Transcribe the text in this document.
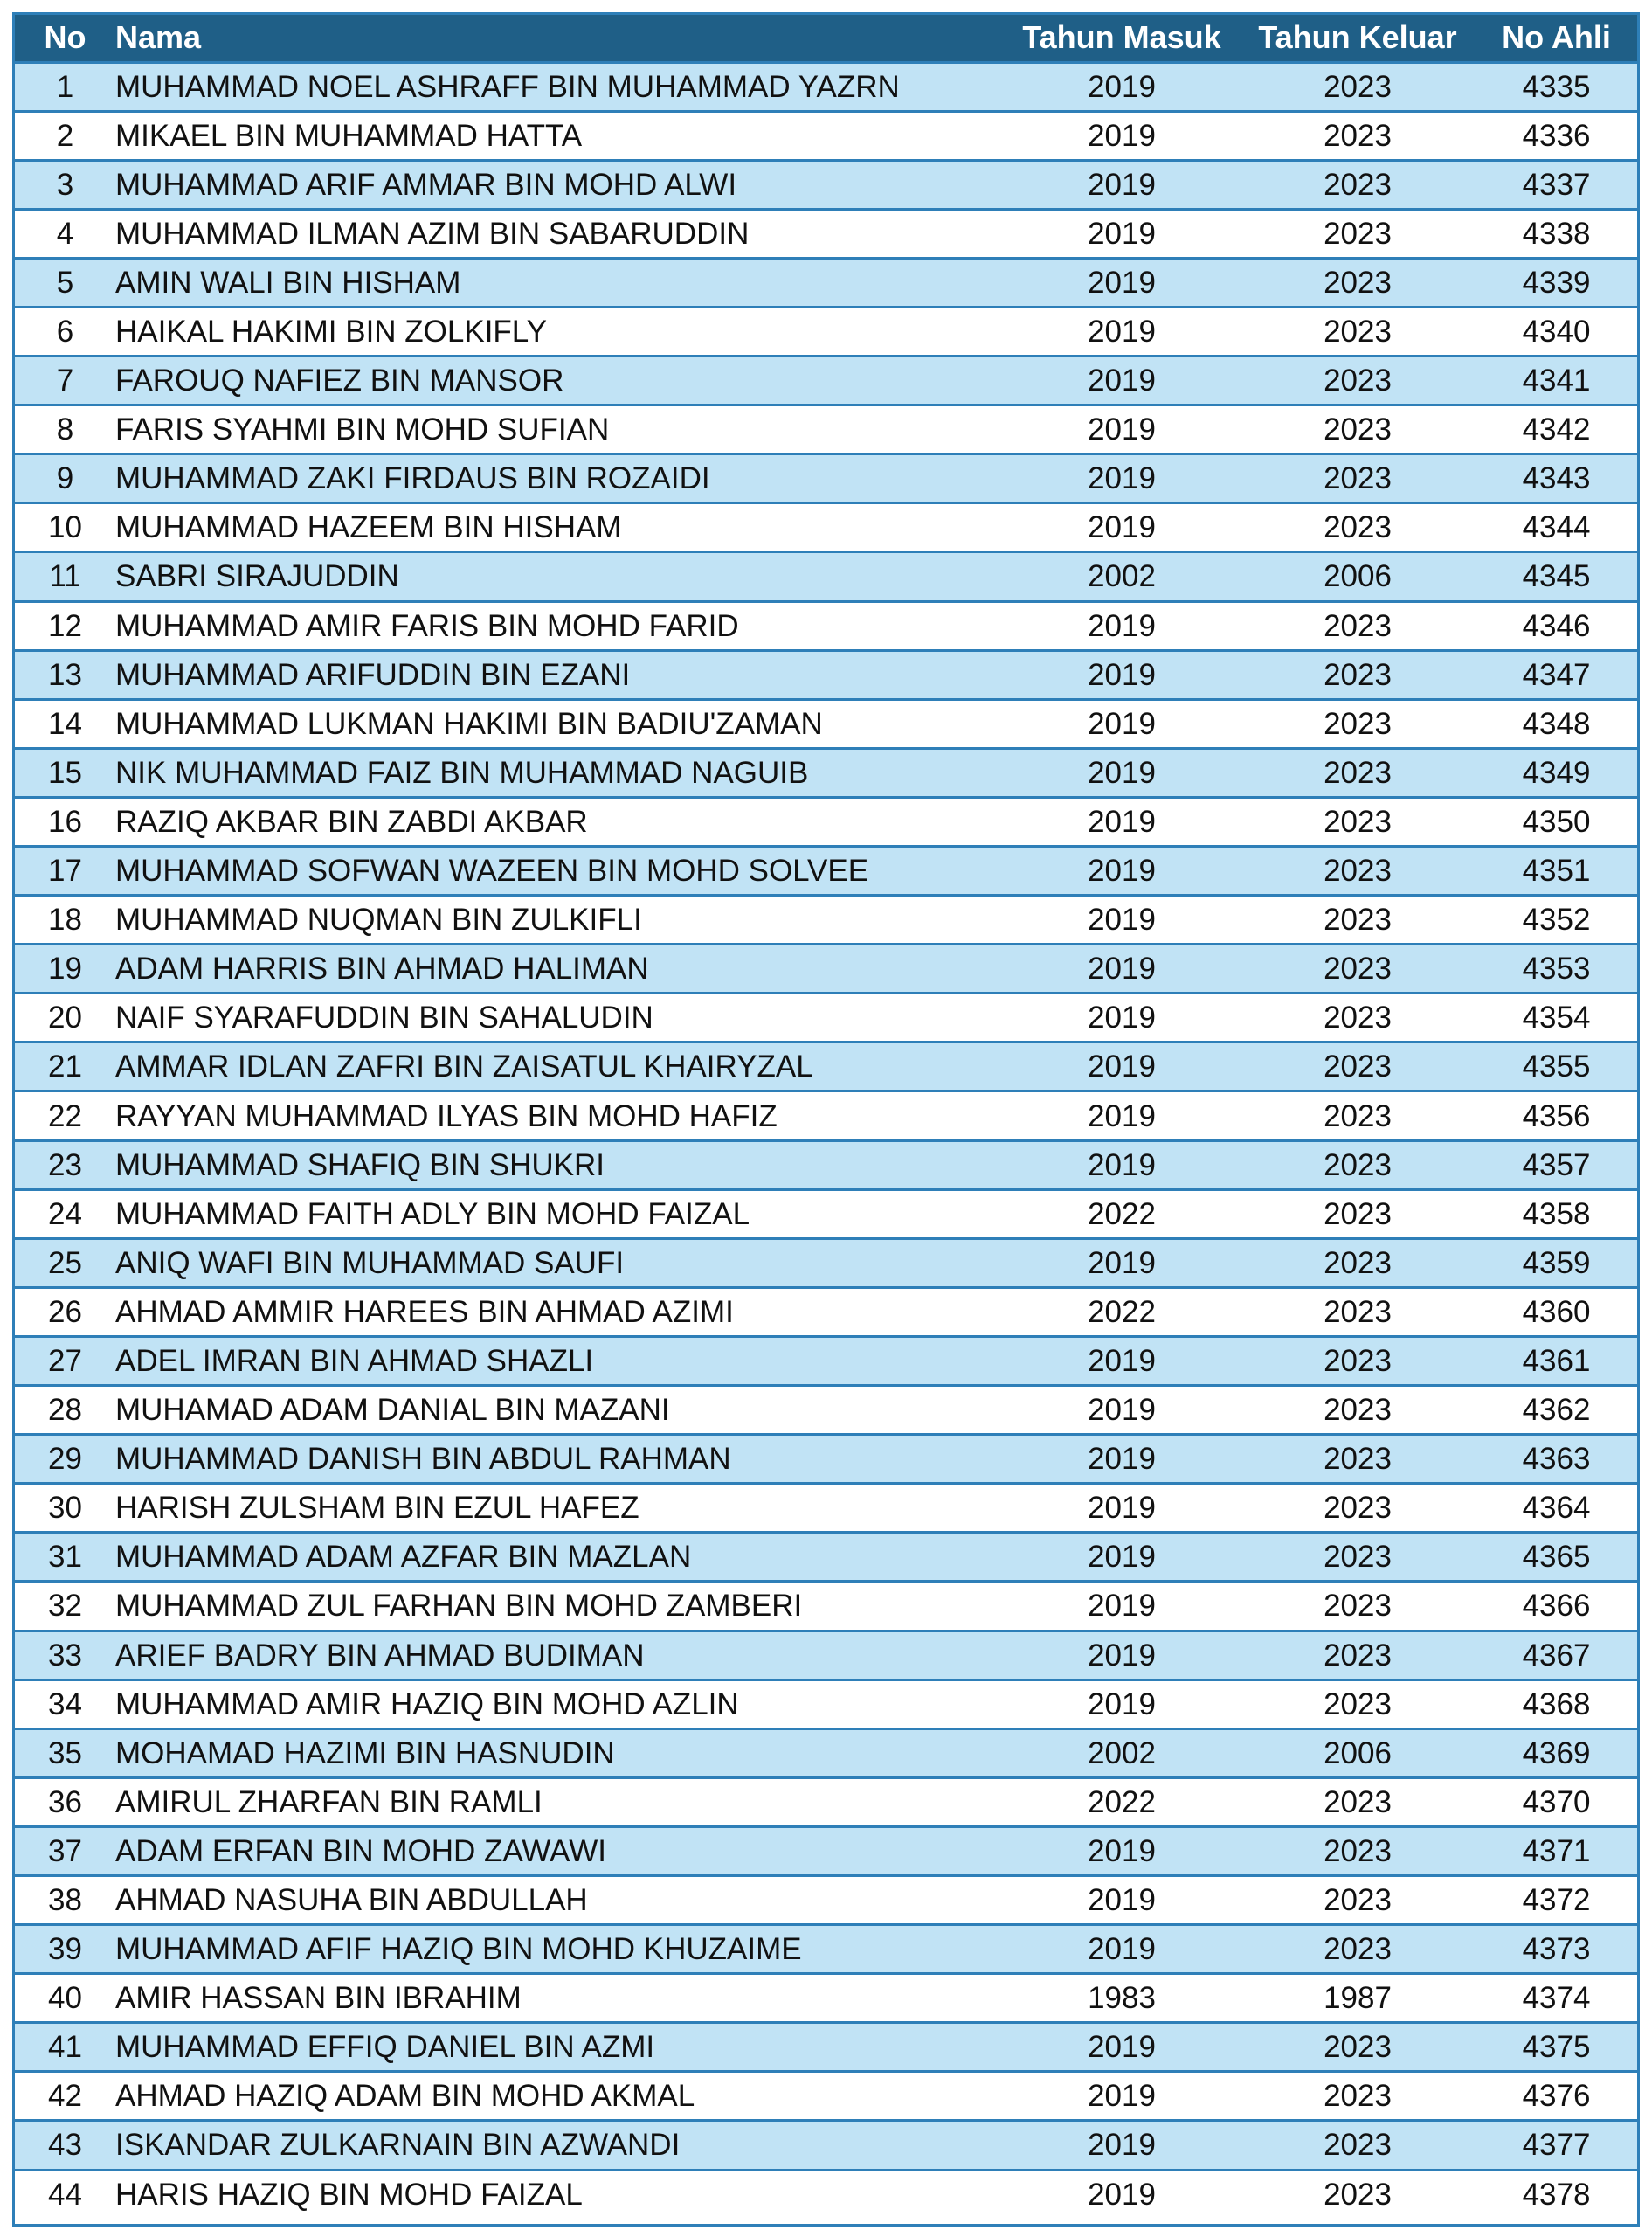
No	Nama	Tahun Masuk	Tahun Keluar	No Ahli
1	MUHAMMAD NOEL ASHRAFF BIN MUHAMMAD YAZRN	2019	2023	4335
2	MIKAEL BIN MUHAMMAD HATTA	2019	2023	4336
3	MUHAMMAD ARIF AMMAR BIN MOHD ALWI	2019	2023	4337
4	MUHAMMAD ILMAN AZIM BIN SABARUDDIN	2019	2023	4338
5	AMIN WALI BIN HISHAM	2019	2023	4339
6	HAIKAL HAKIMI BIN ZOLKIFLY	2019	2023	4340
7	FAROUQ NAFIEZ BIN MANSOR	2019	2023	4341
8	FARIS SYAHMI BIN MOHD SUFIAN	2019	2023	4342
9	MUHAMMAD ZAKI FIRDAUS BIN ROZAIDI	2019	2023	4343
10	MUHAMMAD HAZEEM BIN HISHAM	2019	2023	4344
11	SABRI SIRAJUDDIN	2002	2006	4345
12	MUHAMMAD AMIR FARIS BIN MOHD FARID	2019	2023	4346
13	MUHAMMAD ARIFUDDIN BIN EZANI	2019	2023	4347
14	MUHAMMAD LUKMAN HAKIMI BIN BADIU'ZAMAN	2019	2023	4348
15	NIK MUHAMMAD FAIZ BIN MUHAMMAD NAGUIB	2019	2023	4349
16	RAZIQ AKBAR BIN ZABDI AKBAR	2019	2023	4350
17	MUHAMMAD SOFWAN WAZEEN BIN MOHD SOLVEE	2019	2023	4351
18	MUHAMMAD NUQMAN BIN ZULKIFLI	2019	2023	4352
19	ADAM HARRIS BIN AHMAD HALIMAN	2019	2023	4353
20	NAIF SYARAFUDDIN BIN SAHALUDIN	2019	2023	4354
21	AMMAR IDLAN ZAFRI BIN ZAISATUL KHAIRYZAL	2019	2023	4355
22	RAYYAN MUHAMMAD ILYAS BIN MOHD HAFIZ	2019	2023	4356
23	MUHAMMAD SHAFIQ BIN SHUKRI	2019	2023	4357
24	MUHAMMAD FAITH ADLY BIN MOHD FAIZAL	2022	2023	4358
25	ANIQ WAFI BIN MUHAMMAD SAUFI	2019	2023	4359
26	AHMAD AMMIR HAREES BIN AHMAD AZIMI	2022	2023	4360
27	ADEL IMRAN BIN AHMAD SHAZLI	2019	2023	4361
28	MUHAMAD ADAM DANIAL BIN MAZANI	2019	2023	4362
29	MUHAMMAD DANISH BIN ABDUL RAHMAN	2019	2023	4363
30	HARISH ZULSHAM BIN EZUL HAFEZ	2019	2023	4364
31	MUHAMMAD ADAM AZFAR BIN MAZLAN	2019	2023	4365
32	MUHAMMAD ZUL FARHAN BIN MOHD ZAMBERI	2019	2023	4366
33	ARIEF BADRY BIN AHMAD BUDIMAN	2019	2023	4367
34	MUHAMMAD AMIR HAZIQ BIN MOHD AZLIN	2019	2023	4368
35	MOHAMAD HAZIMI BIN HASNUDIN	2002	2006	4369
36	AMIRUL ZHARFAN BIN RAMLI	2022	2023	4370
37	ADAM ERFAN BIN MOHD ZAWAWI	2019	2023	4371
38	AHMAD NASUHA BIN ABDULLAH	2019	2023	4372
39	MUHAMMAD AFIF HAZIQ BIN MOHD KHUZAIME	2019	2023	4373
40	AMIR HASSAN BIN IBRAHIM	1983	1987	4374
41	MUHAMMAD EFFIQ DANIEL BIN AZMI	2019	2023	4375
42	AHMAD HAZIQ ADAM BIN MOHD AKMAL	2019	2023	4376
43	ISKANDAR ZULKARNAIN BIN AZWANDI	2019	2023	4377
44	HARIS HAZIQ BIN MOHD FAIZAL	2019	2023	4378
